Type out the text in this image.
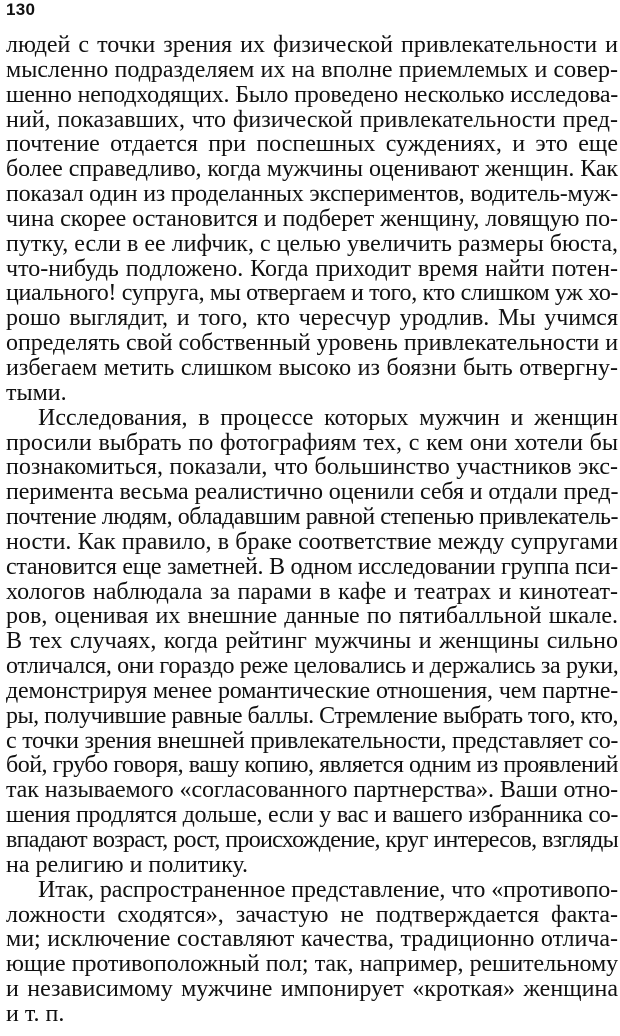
130
людей с точки зрения их физической привлекательности и
мысленно подразделяем их на вполне приемлемых и совер-
шенно неподходящих. Было проведено несколько исследова-
ний, показавших, что физической привлекательности пред-
почтение отдается при поспешных суждениях, и это еще
более справедливо, когда мужчины оценивают женщин. Как
показал один из проделанных экспериментов, водитель-муж-
чина скорее остановится и подберет женщину, ловящую по-
путку, если в ее лифчик, с целью увеличить размеры бюста,
что-нибудь подложено. Когда приходит время найти потен-
циального! супруга, мы отвергаем и того, кто слишком уж хо-
рошо выглядит, и того, кто чересчур уродлив. Мы учимся
определять свой собственный уровень привлекательности и
избегаем метить слишком высоко из боязни быть отвергну-
тыми.
Исследования, в процессе которых мужчин и женщин
просили выбрать по фотографиям тех, с кем они хотели бы
познакомиться, показали, что большинство участников экс-
перимента весьма реалистично оценили себя и отдали пред-
почтение людям, обладавшим равной степенью привлекатель-
ности. Как правило, в браке соответствие между супругами
становится еще заметней. В одном исследовании группа пси-
хологов наблюдала за парами в кафе и театрах и кинотеат-
ров, оценивая их внешние данные по пятибалльной шкале.
В тех случаях, когда рейтинг мужчины и женщины сильно
отличался, они гораздо реже целовались и держались за руки,
демонстрируя менее романтические отношения, чем партне-
ры, получившие равные баллы. Стремление выбрать того, кто,
с точки зрения внешней привлекательности, представляет со-
бой, грубо говоря, вашу копию, является одним из проявлений
так называемого «согласованного партнерства». Ваши отно-
шения продлятся дольше, если у вас и вашего избранника со-
впадают возраст, рост, происхождение, круг интересов, взгляды
на религию и политику.
Итак, распространенное представление, что «противопо-
ложности сходятся», зачастую не подтверждается факта-
ми; исключение составляют качества, традиционно отлича-
ющие противоположный пол; так, например, решительному
и независимому мужчине импонирует «кроткая» женщина
и т. п.
